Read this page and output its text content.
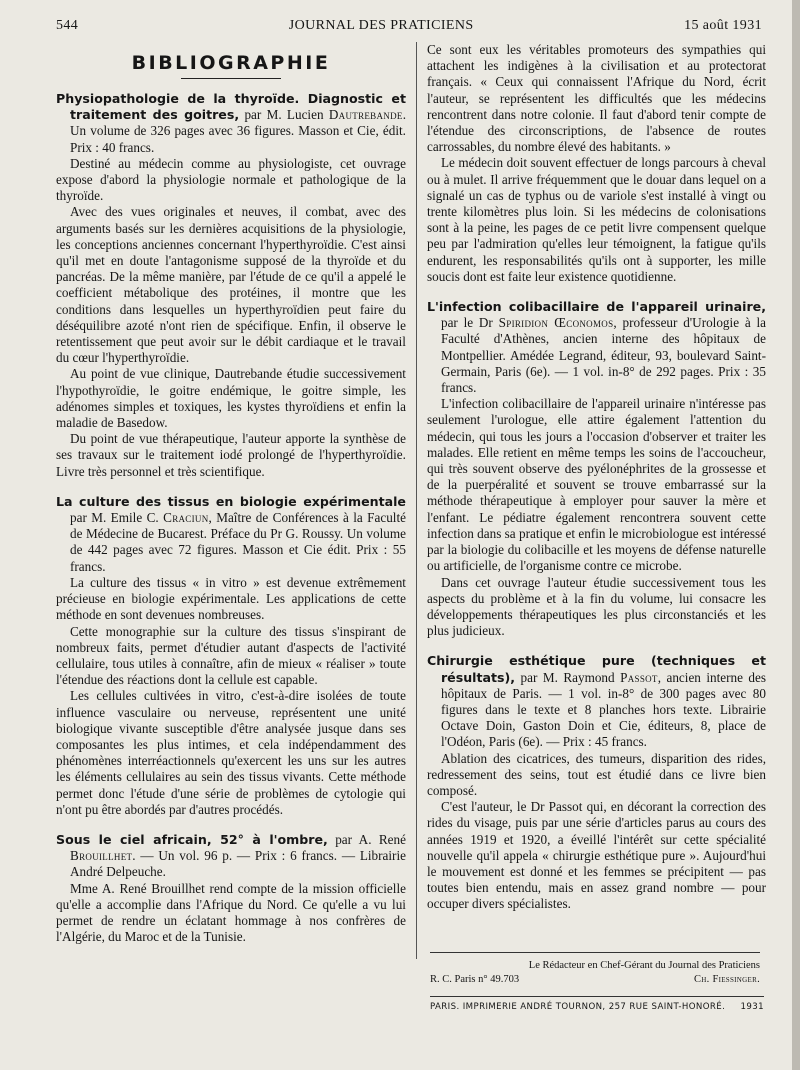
544	JOURNAL DES PRATICIENS	15 août 1931
BIBLIOGRAPHIE
Physiopathologie de la thyroïde. Diagnostic et traitement des goitres, par M. Lucien Dautrebande. Un volume de 326 pages avec 36 figures. Masson et Cie, édit. Prix : 40 francs.

Destiné au médecin comme au physiologiste, cet ouvrage expose d'abord la physiologie normale et pathologique de la thyroïde.

Avec des vues originales et neuves, il combat, avec des arguments basés sur les dernières acquisitions de la physiologie, les conceptions anciennes concernant l'hyperthyroïdie. C'est ainsi qu'il met en doute l'antagonisme supposé de la thyroïde et du pancréas. De la même manière, par l'étude de ce qu'il a appelé le coefficient métabolique des protéines, il montre que les conditions dans lesquelles un hyperthyroïdien peut faire du déséquilibre azoté n'ont rien de spécifique. Enfin, il observe le retentissement que peut avoir sur le débit cardiaque et le travail du cœur l'hyperthyroïdie.

Au point de vue clinique, Dautrebande étudie successivement l'hypothyroïdie, le goitre endémique, le goitre simple, les adénomes simples et toxiques, les kystes thyroïdiens et enfin la maladie de Basedow.

Du point de vue thérapeutique, l'auteur apporte la synthèse de ses travaux sur le traitement iodé prolongé de l'hyperthyroïdie. Livre très personnel et très scientifique.

La culture des tissus en biologie expérimentale par M. Emile C. Craciun, Maître de Conférences à la Faculté de Médecine de Bucarest. Préface du Pr G. Roussy. Un volume de 442 pages avec 72 figures. Masson et Cie édit. Prix : 55 francs.

La culture des tissus « in vitro » est devenue extrêmement précieuse en biologie expérimentale. Les applications de cette méthode en sont devenues nombreuses.

Cette monographie sur la culture des tissus s'inspirant de nombreux faits, permet d'étudier autant d'aspects de l'activité cellulaire, tous utiles à connaître, afin de mieux « réaliser » toute l'étendue des réactions dont la cellule est capable.

Les cellules cultivées in vitro, c'est-à-dire isolées de toute influence vasculaire ou nerveuse, représentent une unité biologique vivante susceptible d'être analysée jusque dans ses composantes les plus intimes, et cela indépendamment des phénomènes interréactionnels qu'exercent les uns sur les autres les éléments cellulaires au sein des tissus vivants. Cette méthode permet donc l'étude d'une série de problèmes de cytologie qui n'ont pu être abordés par d'autres procédés.

Sous le ciel africain, 52° à l'ombre, par A. René Brouillhet. — Un vol. 96 p. — Prix : 6 francs. — Librairie André Delpeuche.

Mme A. René Brouillhet rend compte de la mission officielle qu'elle a accomplie dans l'Afrique du Nord. Ce qu'elle a vu lui permet de rendre un éclatant hommage à nos confrères de l'Algérie, du Maroc et de la Tunisie.

Ce sont eux les véritables promoteurs des sympathies qui attachent les indigènes à la civilisation et au protectorat français. « Ceux qui connaissent l'Afrique du Nord, écrit l'auteur, se représentent les difficultés que les médecins rencontrent dans notre colonie. Il faut d'abord tenir compte de l'étendue des circonscriptions, de l'absence de routes carrossables, du nombre élevé des habitants. »

Le médecin doit souvent effectuer de longs parcours à cheval ou à mulet. Il arrive fréquemment que le douar dans lequel on a signalé un cas de typhus ou de variole s'est installé à vingt ou trente kilomètres plus loin. Si les médecins de colonisations sont à la peine, les pages de ce petit livre compensent quelque peu par l'admiration qu'elles leur témoignent, la fatigue qu'ils endurent, les responsabilités qu'ils ont à supporter, les mille soucis dont est faite leur existence quotidienne.

L'infection colibacillaire de l'appareil urinaire, par le Dr Spiridion Œconomos, professeur d'Urologie à la Faculté d'Athènes, ancien interne des hôpitaux de Montpellier. Amédée Legrand, éditeur, 93, boulevard Saint-Germain, Paris (6e). — 1 vol. in-8° de 292 pages. Prix : 35 francs.

L'infection colibacillaire de l'appareil urinaire n'intéresse pas seulement l'urologue, elle attire également l'attention du médecin, qui tous les jours a l'occasion d'observer et traiter les malades. Elle retient en même temps les soins de l'accoucheur, qui très souvent observe des pyélonéphrites de la grossesse et de la puerpéralité et souvent se trouve embarrassé sur la méthode thérapeutique à employer pour sauver la mère et l'enfant. Le pédiatre également rencontrera souvent cette infection dans sa pratique et enfin le microbiologue est intéressé par la biologie du colibacille et les moyens de défense naturelle ou artificielle, de l'organisme contre ce microbe.

Dans cet ouvrage l'auteur étudie successivement tous les aspects du problème et à la fin du volume, lui consacre les développements thérapeutiques les plus circonstanciés et les plus judicieux.

Chirurgie esthétique pure (techniques et résultats), par M. Raymond Passot, ancien interne des hôpitaux de Paris. — 1 vol. in-8° de 300 pages avec 80 figures dans le texte et 8 planches hors texte. Librairie Octave Doin, Gaston Doin et Cie, éditeurs, 8, place de l'Odéon, Paris (6e). — Prix : 45 francs.

Ablation des cicatrices, des tumeurs, disparition des rides, redressement des seins, tout est étudié dans ce livre bien composé.

C'est l'auteur, le Dr Passot qui, en décorant la correction des rides du visage, puis par une série d'articles parus au cours des années 1919 et 1920, a éveillé l'intérêt sur cette spécialité nouvelle qu'il appela « chirurgie esthétique pure ». Aujourd'hui le mouvement est donné et les femmes se précipitent — pas toutes bien entendu, mais en assez grand nombre — pour occuper divers spécialistes.

Le Rédacteur en Chef-Gérant du Journal des Praticiens
R. C. Paris n° 49.703	Ch. Fiessinger.
PARIS. IMPRIMERIE ANDRÉ TOURNON, 257 RUE SAINT-HONORÉ. 1931
